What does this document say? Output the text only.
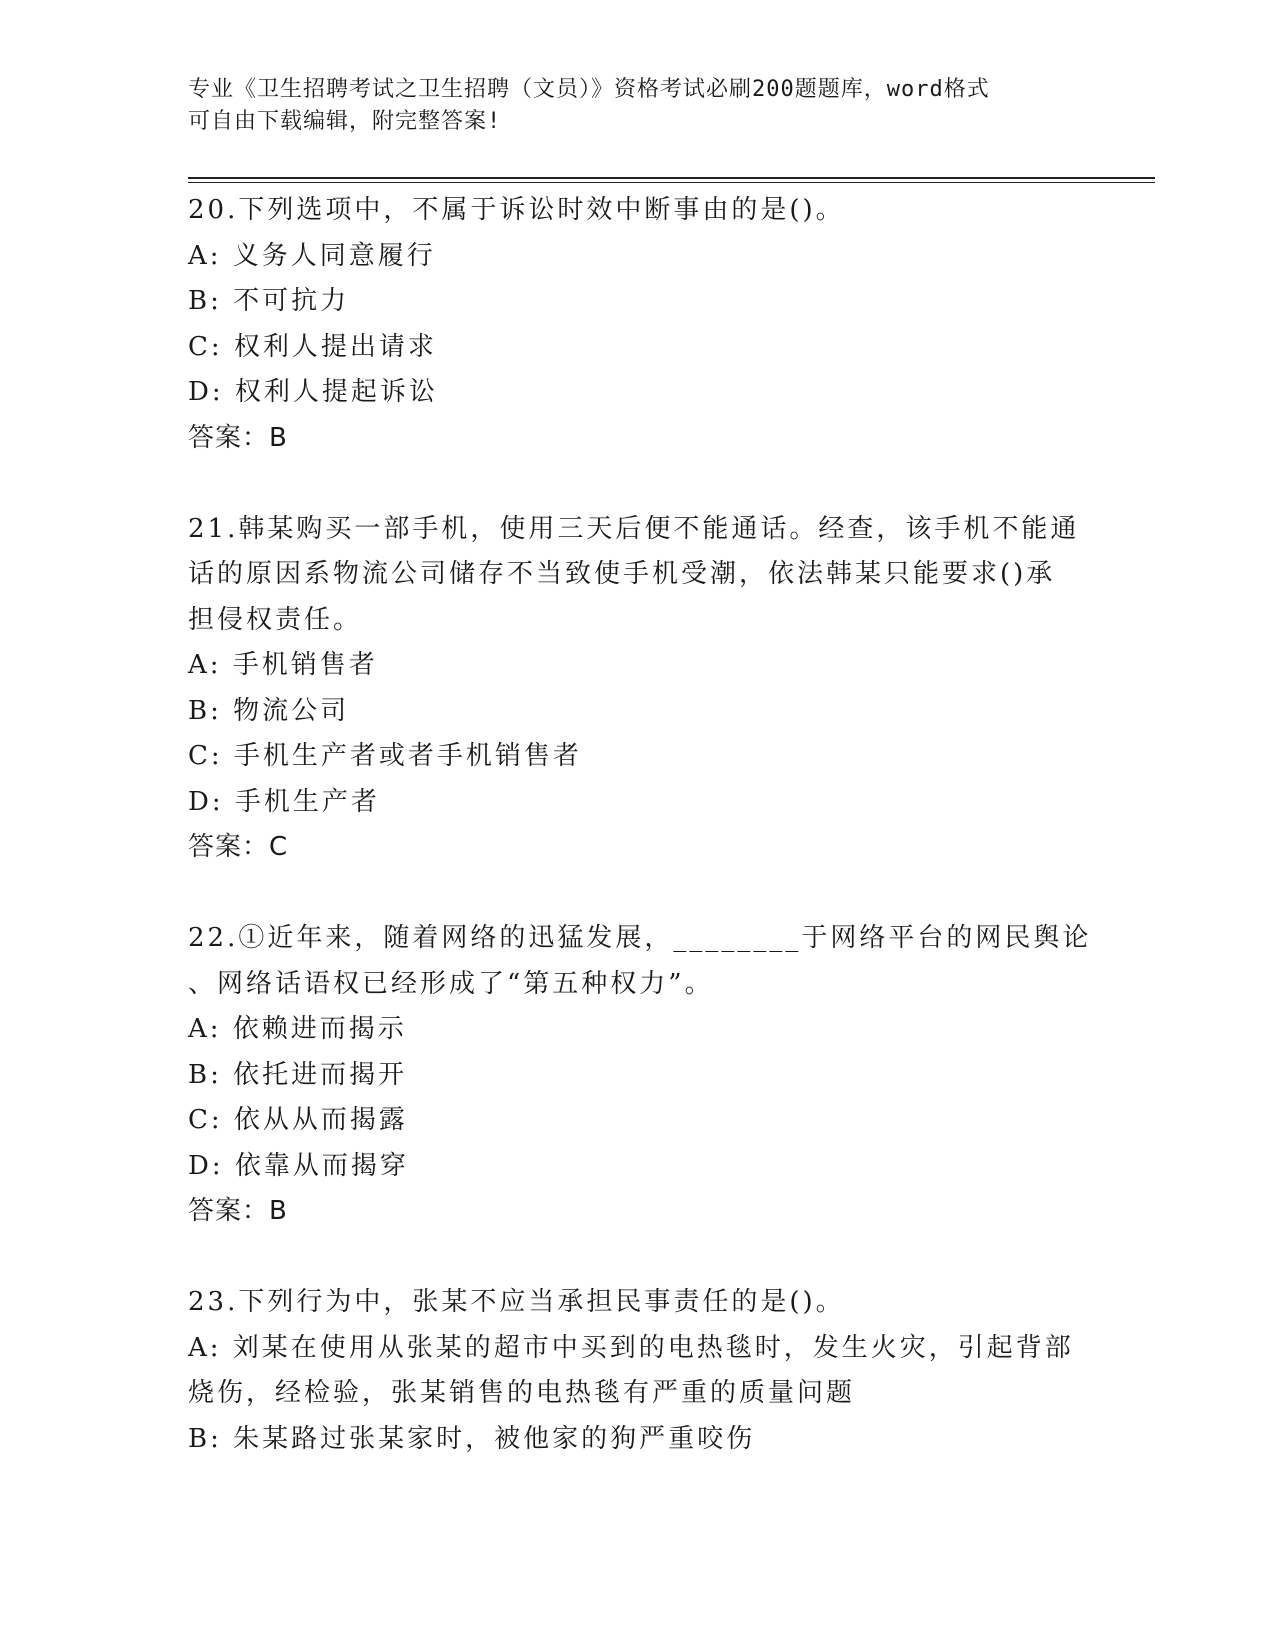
专业《卫生招聘考试之卫生招聘（文员）》资格考试必刷200题题库，word格式
可自由下载编辑，附完整答案!
20.下列选项中，不属于诉讼时效中断事由的是()。
A: 义务人同意履行
B: 不可抗力
C: 权利人提出请求
D: 权利人提起诉讼
答案：B
21.韩某购买一部手机，使用三天后便不能通话。经查，该手机不能通
话的原因系物流公司储存不当致使手机受潮，依法韩某只能要求()承
担侵权责任。
A: 手机销售者
B: 物流公司
C: 手机生产者或者手机销售者
D: 手机生产者
答案：C
22.①近年来，随着网络的迅猛发展，________于网络平台的网民舆论
、网络话语权已经形成了“第五种权力”。
A: 依赖进而揭示
B: 依托进而揭开
C: 依从从而揭露
D: 依靠从而揭穿
答案：B
23.下列行为中，张某不应当承担民事责任的是()。
A: 刘某在使用从张某的超市中买到的电热毯时，发生火灾，引起背部
烧伤，经检验，张某销售的电热毯有严重的质量问题
B: 朱某路过张某家时，被他家的狗严重咬伤
